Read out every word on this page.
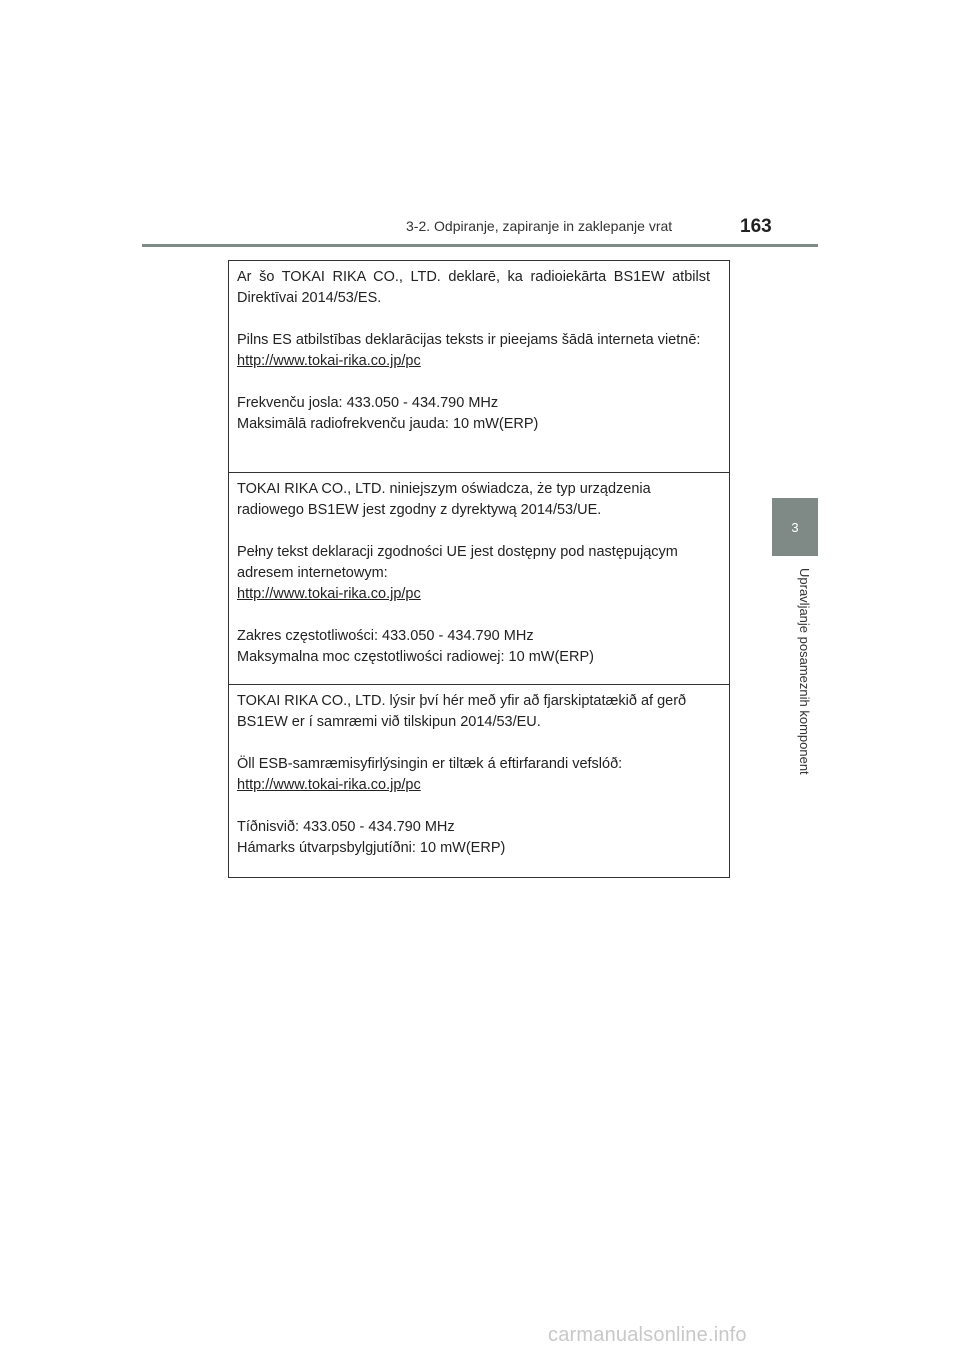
3-2. Odpiranje, zapiranje in zaklepanje vrat	163
3
Upravljanje posameznih komponent

Ar šo TOKAI RIKA CO., LTD. deklarē, ka radioiekārta BS1EW atbilst Direktīvai 2014/53/ES.

Pilns ES atbilstības deklarācijas teksts ir pieejams šādā interneta vietnē:

http://www.tokai-rika.co.jp/pc
Frekvenču josla: 433.050 - 434.790 MHz
Maksimālā radiofrekvenču jauda: 10 mW(ERP)

TOKAI RIKA CO., LTD. niniejszym oświadcza, że typ urządzenia radiowego BS1EW jest zgodny z dyrektywą 2014/53/UE.

Pełny tekst deklaracji zgodności UE jest dostępny pod następującym adresem internetowym:

http://www.tokai-rika.co.jp/pc
Zakres częstotliwości: 433.050 - 434.790 MHz
Maksymalna moc częstotliwości radiowej: 10 mW(ERP)

TOKAI RIKA CO., LTD. lýsir því hér með yfir að fjarskiptatækið af gerð BS1EW er í samræmi við tilskipun 2014/53/EU.

Öll ESB-samræmisyfirlýsingin er tiltæk á eftirfarandi vefslóð:

http://www.tokai-rika.co.jp/pc
Tíðnisvið: 433.050 - 434.790 MHz
Hámarks útvarpsbylgjutíðni: 10 mW(ERP)
carmanualsonline.info
